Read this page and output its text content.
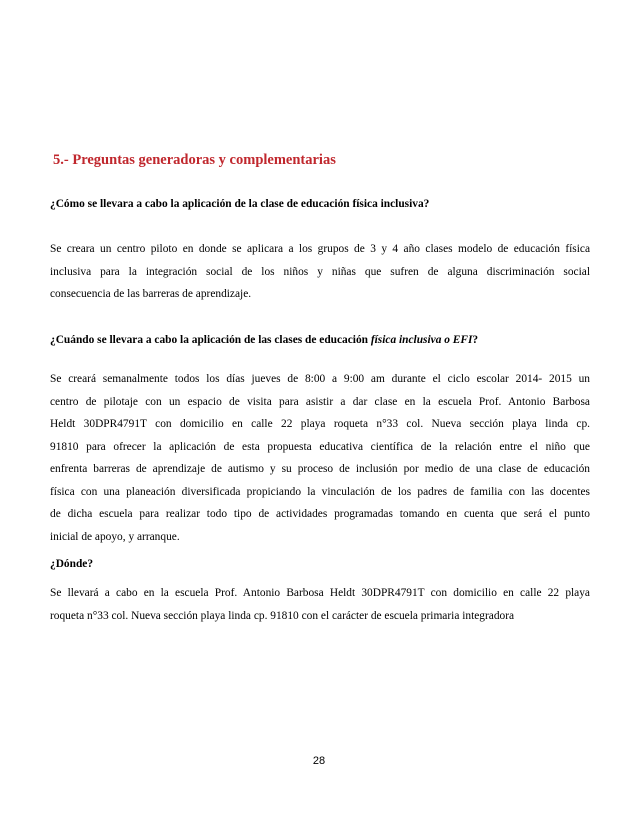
5.- Preguntas generadoras y complementarias
¿Cómo se llevara a cabo la aplicación de la clase de educación física inclusiva?
Se creara un centro piloto en donde se aplicara a los grupos de 3 y 4 año clases modelo de educación física
inclusiva para la integración social de los niños y niñas que sufren de alguna discriminación social
consecuencia de las barreras de aprendizaje.
¿Cuándo se llevara a cabo la aplicación de las clases de educación física inclusiva o EFI?
Se creará semanalmente todos los días jueves de 8:00 a 9:00 am durante el ciclo escolar 2014- 2015 un
centro de pilotaje con un espacio de visita para asistir a dar clase en la escuela Prof. Antonio Barbosa
Heldt 30DPR4791T con domicilio en calle 22 playa roqueta n°33 col. Nueva sección playa linda cp.
91810 para ofrecer la aplicación de esta propuesta educativa científica de la relación entre el niño que
enfrenta barreras de aprendizaje de autismo y su proceso de inclusión por medio de una clase de educación
física con una planeación diversificada propiciando la vinculación de los padres de familia con las docentes
de dicha escuela para realizar todo tipo de actividades programadas tomando en cuenta que será el punto
inicial de apoyo, y arranque.
¿Dónde?
Se llevará a cabo en la escuela Prof. Antonio Barbosa Heldt 30DPR4791T con domicilio en calle 22 playa
roqueta n°33 col. Nueva sección playa linda cp. 91810 con el carácter de escuela primaria integradora
28
